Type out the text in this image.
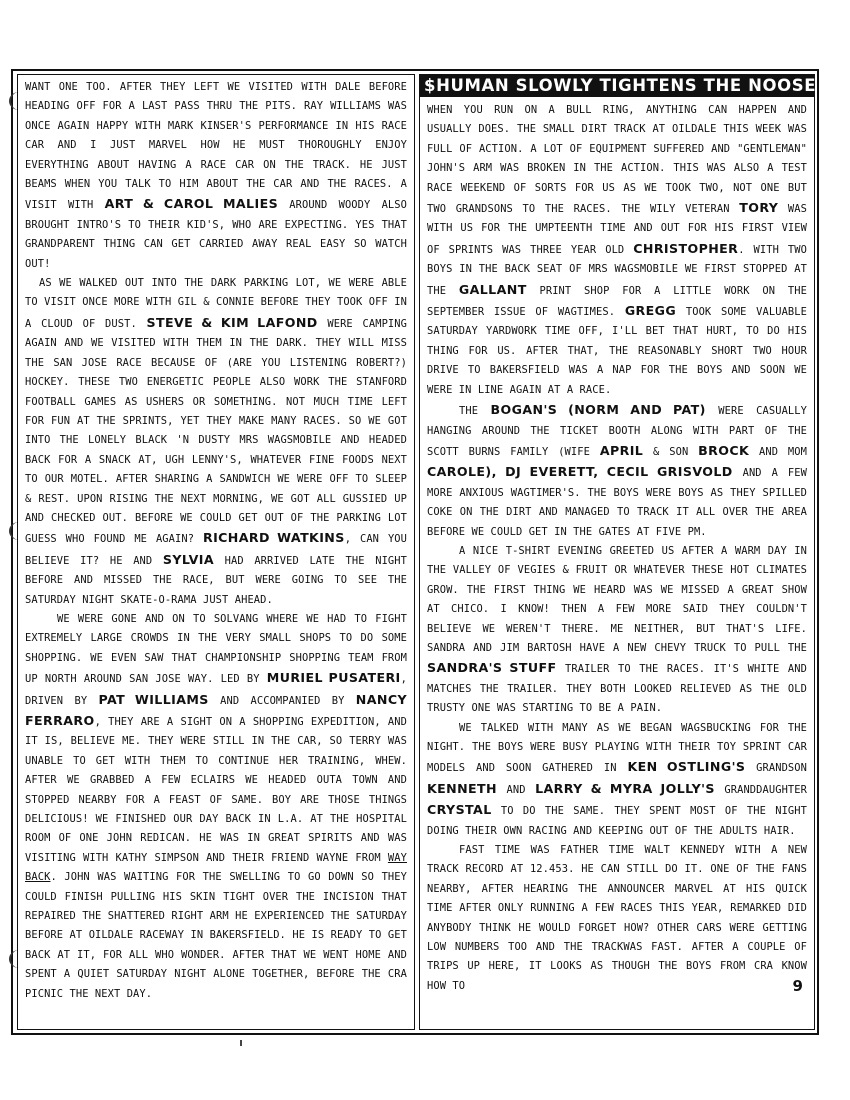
WANT ONE TOO. AFTER THEY LEFT WE VISITED WITH DALE BEFORE HEADING OFF FOR A LAST PASS THRU THE PITS. RAY WILLIAMS WAS ONCE AGAIN HAPPY WITH MARK KINSER'S PERFORMANCE IN HIS RACE CAR AND I JUST MARVEL HOW HE MUST THOROUGHLY ENJOY EVERYTHING ABOUT HAVING A RACE CAR ON THE TRACK. HE JUST BEAMS WHEN YOU TALK TO HIM ABOUT THE CAR AND THE RACES. A VISIT WITH ART & CAROL MALIES AROUND WOODY ALSO BROUGHT INTRO'S TO THEIR KID'S, WHO ARE EXPECTING. YES THAT GRANDPARENT THING CAN GET CARRIED AWAY REAL EASY SO WATCH OUT!

AS WE WALKED OUT INTO THE DARK PARKING LOT, WE WERE ABLE TO VISIT ONCE MORE WITH GIL & CONNIE BEFORE THEY TOOK OFF IN A CLOUD OF DUST. STEVE & KIM LAFOND WERE CAMPING AGAIN AND WE VISITED WITH THEM IN THE DARK. THEY WILL MISS THE SAN JOSE RACE BECAUSE OF (ARE YOU LISTENING ROBERT?) HOCKEY. THESE TWO ENERGETIC PEOPLE ALSO WORK THE STANFORD FOOTBALL GAMES AS USHERS OR SOMETHING. NOT MUCH TIME LEFT FOR FUN AT THE SPRINTS, YET THEY MAKE MANY RACES. SO WE GOT INTO THE LONELY BLACK 'N DUSTY MRS WAGSMOBILE AND HEADED BACK FOR A SNACK AT, UGH LENNY'S, WHATEVER FINE FOODS NEXT TO OUR MOTEL. AFTER SHARING A SANDWICH WE WERE OFF TO SLEEP & REST. UPON RISING THE NEXT MORNING, WE GOT ALL GUSSIED UP AND CHECKED OUT. BEFORE WE COULD GET OUT OF THE PARKING LOT GUESS WHO FOUND ME AGAIN? RICHARD WATKINS, CAN YOU BELIEVE IT? HE AND SYLVIA HAD ARRIVED LATE THE NIGHT BEFORE AND MISSED THE RACE, BUT WERE GOING TO SEE THE SATURDAY NIGHT SKATE-O-RAMA JUST AHEAD.

WE WERE GONE AND ON TO SOLVANG WHERE WE HAD TO FIGHT EXTREMELY LARGE CROWDS IN THE VERY SMALL SHOPS TO DO SOME SHOPPING. WE EVEN SAW THAT CHAMPIONSHIP SHOPPING TEAM FROM UP NORTH AROUND SAN JOSE WAY. LED BY MURIEL PUSATERI, DRIVEN BY PAT WILLIAMS AND ACCOMPANIED BY NANCY FERRARO, THEY ARE A SIGHT ON A SHOPPING EXPEDITION, AND IT IS, BELIEVE ME. THEY WERE STILL IN THE CAR, SO TERRY WAS UNABLE TO GET WITH THEM TO CONTINUE HER TRAINING, WHEW. AFTER WE GRABBED A FEW ECLAIRS WE HEADED OUTA TOWN AND STOPPED NEARBY FOR A FEAST OF SAME. BOY ARE THOSE THINGS DELICIOUS! WE FINISHED OUR DAY BACK IN L.A. AT THE HOSPITAL ROOM OF ONE JOHN REDICAN. HE WAS IN GREAT SPIRITS AND WAS VISITING WITH KATHY SIMPSON AND THEIR FRIEND WAYNE FROM WAY BACK. JOHN WAS WAITING FOR THE SWELLING TO GO DOWN SO THEY COULD FINISH PULLING HIS SKIN TIGHT OVER THE INCISION THAT REPAIRED THE SHATTERED RIGHT ARM HE EXPERIENCED THE SATURDAY BEFORE AT OILDALE RACEWAY IN BAKERSFIELD. HE IS READY TO GET BACK AT IT, FOR ALL WHO WONDER. AFTER THAT WE WENT HOME AND SPENT A QUIET SATURDAY NIGHT ALONE TOGETHER, BEFORE THE CRA PICNIC THE NEXT DAY.

$HUMAN SLOWLY TIGHTENS THE NOOSE

WHEN YOU RUN ON A BULL RING, ANYTHING CAN HAPPEN AND USUALLY DOES. THE SMALL DIRT TRACK AT OILDALE THIS WEEK WAS FULL OF ACTION. A LOT OF EQUIPMENT SUFFERED AND "GENTLEMAN" JOHN'S ARM WAS BROKEN IN THE ACTION. THIS WAS ALSO A TEST RACE WEEKEND OF SORTS FOR US AS WE TOOK TWO, NOT ONE BUT TWO GRANDSONS TO THE RACES. THE WILY VETERAN TORY WAS WITH US FOR THE UMPTEENTH TIME AND OUT FOR HIS FIRST VIEW OF SPRINTS WAS THREE YEAR OLD CHRISTOPHER. WITH TWO BOYS IN THE BACK SEAT OF MRS WAGSMOBILE WE FIRST STOPPED AT THE GALLANT PRINT SHOP FOR A LITTLE WORK ON THE SEPTEMBER ISSUE OF WAGTIMES. GREGG TOOK SOME VALUABLE SATURDAY YARDWORK TIME OFF, I'LL BET THAT HURT, TO DO HIS THING FOR US. AFTER THAT, THE REASONABLY SHORT TWO HOUR DRIVE TO BAKERSFIELD WAS A NAP FOR THE BOYS AND SOON WE WERE IN LINE AGAIN AT A RACE.

THE BOGAN'S (NORM AND PAT) WERE CASUALLY HANGING AROUND THE TICKET BOOTH ALONG WITH PART OF THE SCOTT BURNS FAMILY (WIFE APRIL & SON BROCK AND MOM CAROLE), DJ EVERETT, CECIL GRISVOLD AND A FEW MORE ANXIOUS WAGTIMER'S. THE BOYS WERE BOYS AS THEY SPILLED COKE ON THE DIRT AND MANAGED TO TRACK IT ALL OVER THE AREA BEFORE WE COULD GET IN THE GATES AT FIVE PM.

A NICE T-SHIRT EVENING GREETED US AFTER A WARM DAY IN THE VALLEY OF VEGIES & FRUIT OR WHATEVER THESE HOT CLIMATES GROW. THE FIRST THING WE HEARD WAS WE MISSED A GREAT SHOW AT CHICO. I KNOW! THEN A FEW MORE SAID THEY COULDN'T BELIEVE WE WEREN'T THERE. ME NEITHER, BUT THAT'S LIFE. SANDRA AND JIM BARTOSH HAVE A NEW CHEVY TRUCK TO PULL THE SANDRA'S STUFF TRAILER TO THE RACES. IT'S WHITE AND MATCHES THE TRAILER. THEY BOTH LOOKED RELIEVED AS THE OLD TRUSTY ONE WAS STARTING TO BE A PAIN.

WE TALKED WITH MANY AS WE BEGAN WAGSBUCKING FOR THE NIGHT. THE BOYS WERE BUSY PLAYING WITH THEIR TOY SPRINT CAR MODELS AND SOON GATHERED IN KEN OSTLING'S GRANDSON KENNETH AND LARRY & MYRA JOLLY'S GRANDDAUGHTER CRYSTAL TO DO THE SAME. THEY SPENT MOST OF THE NIGHT DOING THEIR OWN RACING AND KEEPING OUT OF THE ADULTS HAIR.

FAST TIME WAS FATHER TIME WALT KENNEDY WITH A NEW TRACK RECORD AT 12.453. HE CAN STILL DO IT. ONE OF THE FANS NEARBY, AFTER HEARING THE ANNOUNCER MARVEL AT HIS QUICK TIME AFTER ONLY RUNNING A FEW RACES THIS YEAR, REMARKED DID ANYBODY THINK HE WOULD FORGET HOW? OTHER CARS WERE GETTING LOW NUMBERS TOO AND THE TRACKWAS FAST. AFTER A COUPLE OF TRIPS UP HERE, IT LOOKS AS THOUGH THE BOYS FROM CRA KNOW HOW TO	9
